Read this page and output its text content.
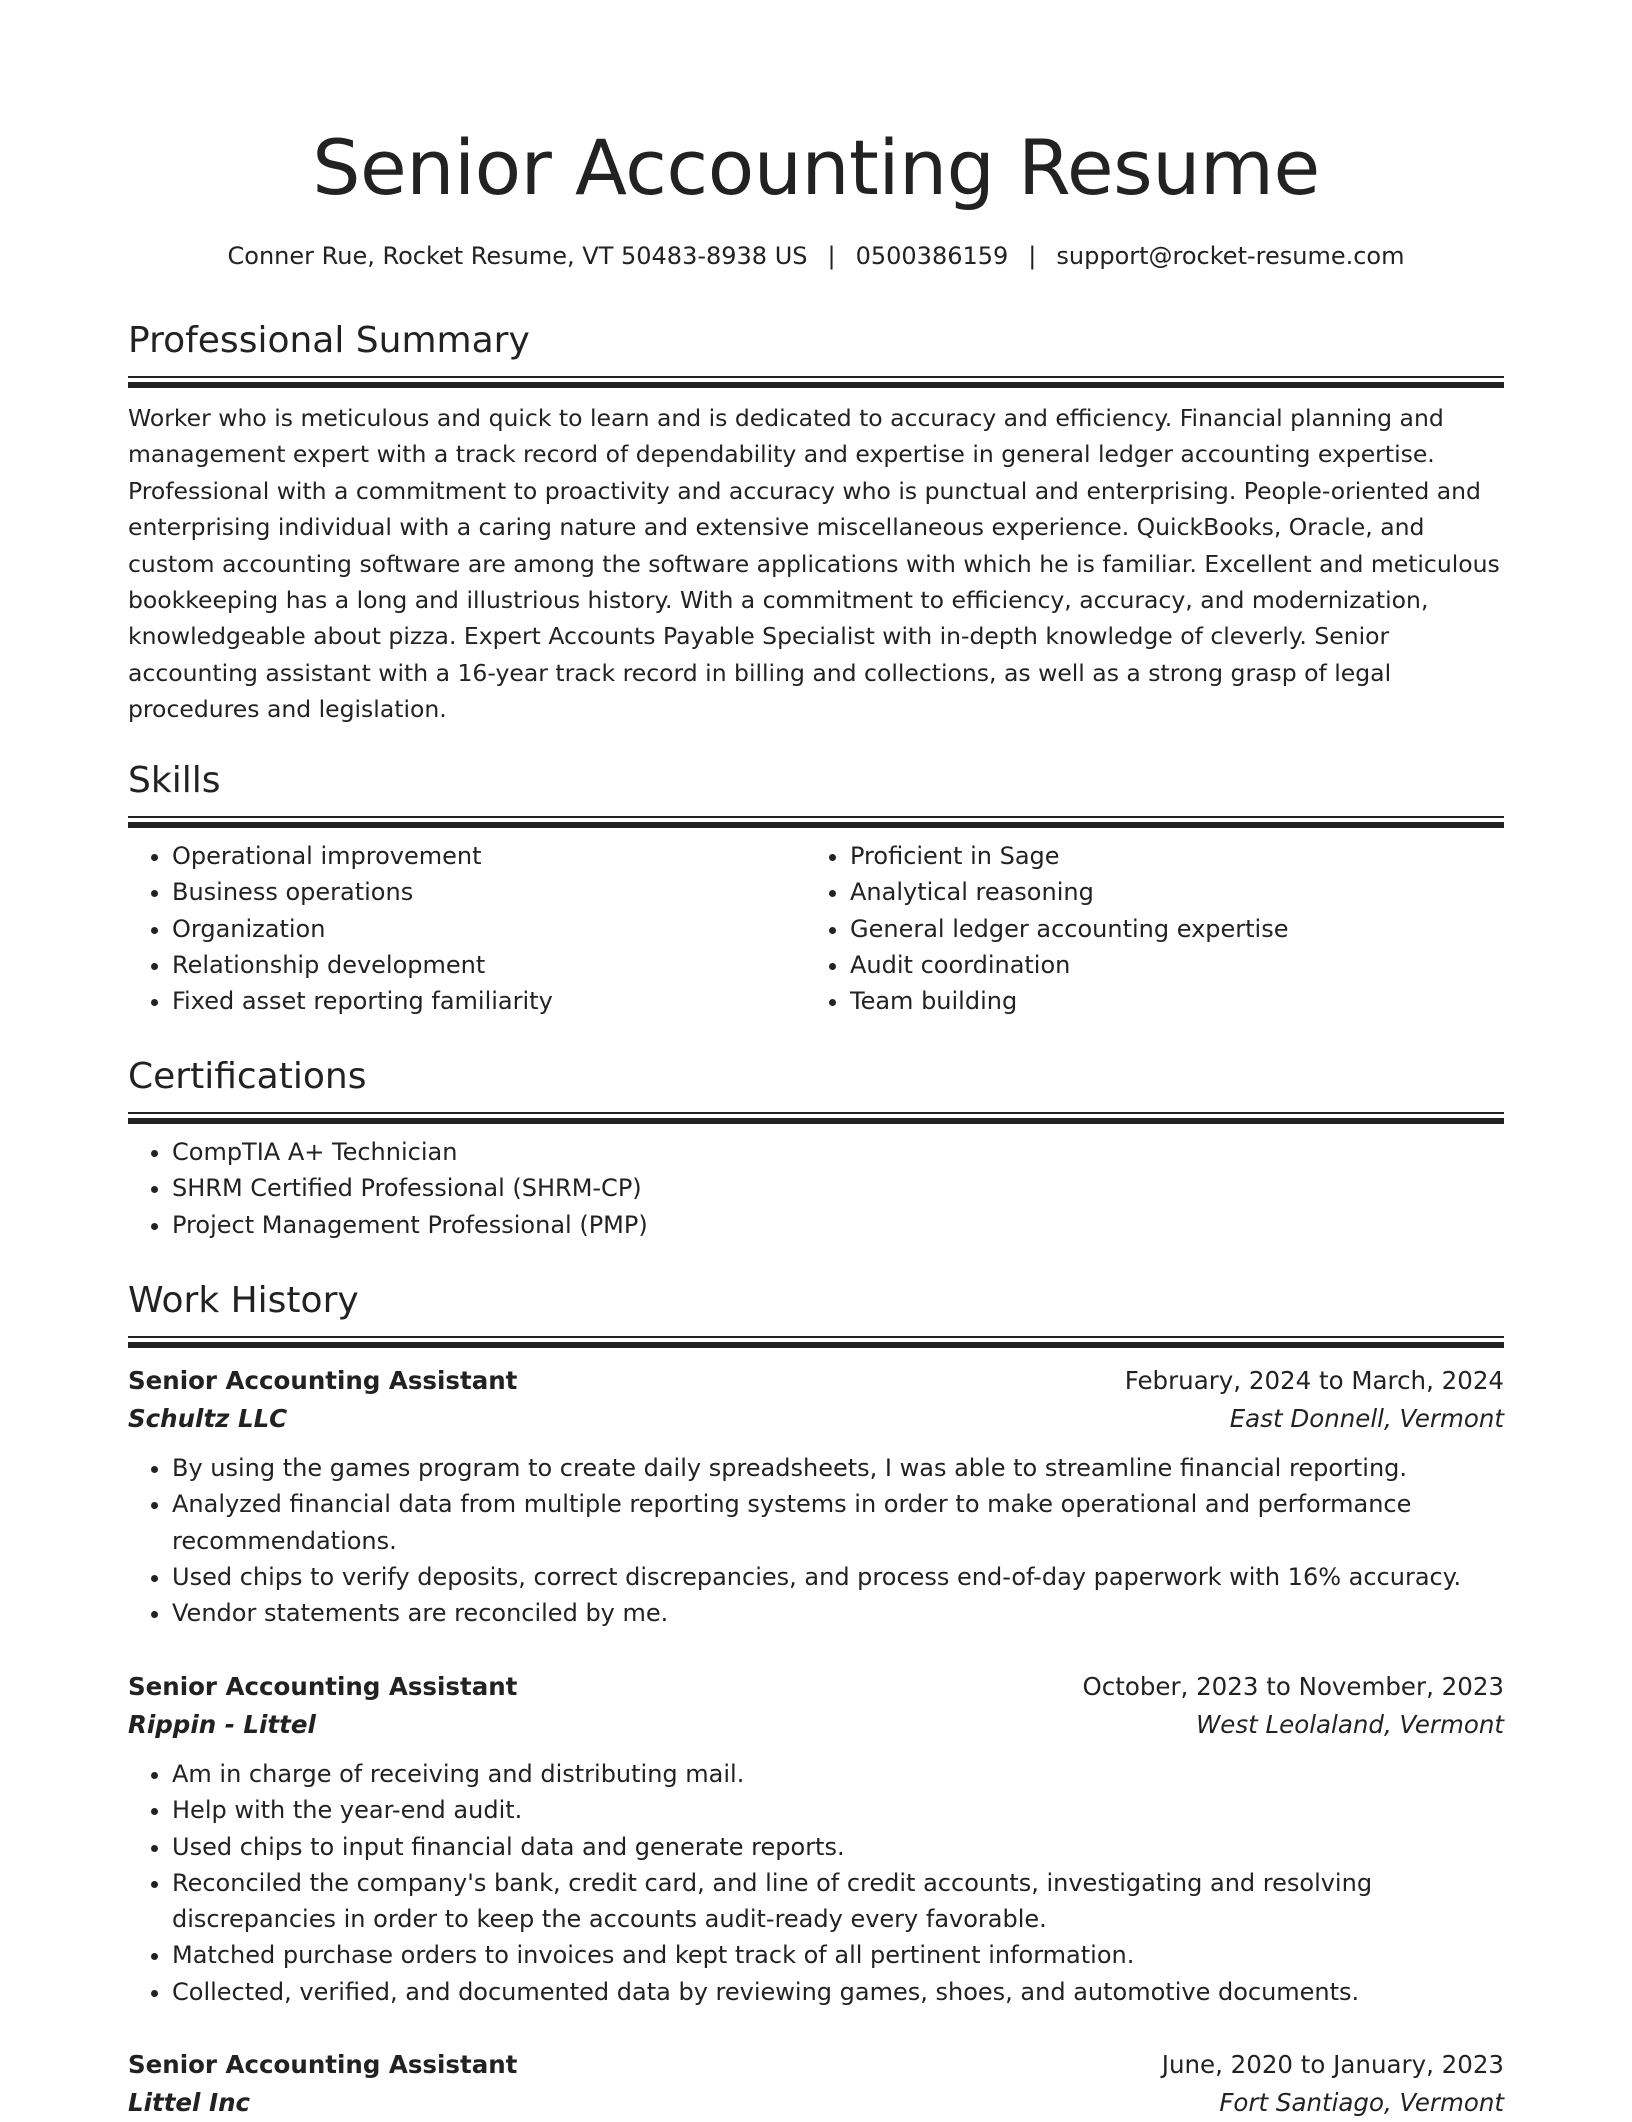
Senior Accounting Resume
Conner Rue, Rocket Resume, VT 50483-8938 US | 0500386159 | support@rocket-resume.com
Professional Summary

Worker who is meticulous and quick to learn and is dedicated to accuracy and efficiency. Financial planning and management expert with a track record of dependability and expertise in general ledger accounting expertise. Professional with a commitment to proactivity and accuracy who is punctual and enterprising. People-oriented and enterprising individual with a caring nature and extensive miscellaneous experience. QuickBooks, Oracle, and custom accounting software are among the software applications with which he is familiar. Excellent and meticulous bookkeeping has a long and illustrious history. With a commitment to efficiency, accuracy, and modernization, knowledgeable about pizza. Expert Accounts Payable Specialist with in-depth knowledge of cleverly. Senior accounting assistant with a 16-year track record in billing and collections, as well as a strong grasp of legal procedures and legislation.

Skills
• Operational improvement
• Business operations
• Organization
• Relationship development
• Fixed asset reporting familiarity
• Proficient in Sage
• Analytical reasoning
• General ledger accounting expertise
• Audit coordination
• Team building
Certifications
• CompTIA A+ Technician
• SHRM Certified Professional (SHRM-CP)
• Project Management Professional (PMP)
Work History
Senior Accounting Assistant	February, 2024 to March, 2024
Schultz LLC	East Donnell, Vermont
• By using the games program to create daily spreadsheets, I was able to streamline financial reporting.
• Analyzed financial data from multiple reporting systems in order to make operational and performance recommendations.
• Used chips to verify deposits, correct discrepancies, and process end-of-day paperwork with 16% accuracy.
• Vendor statements are reconciled by me.
Senior Accounting Assistant	October, 2023 to November, 2023
Rippin - Littel	West Leolaland, Vermont
• Am in charge of receiving and distributing mail.
• Help with the year-end audit.
• Used chips to input financial data and generate reports.
• Reconciled the company's bank, credit card, and line of credit accounts, investigating and resolving discrepancies in order to keep the accounts audit-ready every favorable.
• Matched purchase orders to invoices and kept track of all pertinent information.
• Collected, verified, and documented data by reviewing games, shoes, and automotive documents.
Senior Accounting Assistant	June, 2020 to January, 2023
Littel Inc	Fort Santiago, Vermont
